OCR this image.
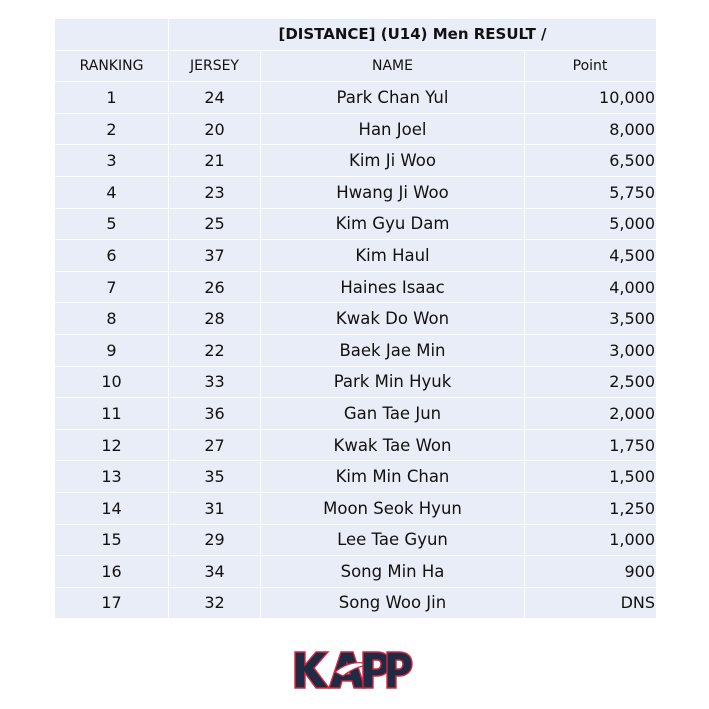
	[DISTANCE] (U14) Men RESULT /		
RANKING	JERSEY	NAME	Point
1	24	Park Chan Yul	10,000
2	20	Han Joel	8,000
3	21	Kim Ji Woo	6,500
4	23	Hwang Ji Woo	5,750
5	25	Kim Gyu Dam	5,000
6	37	Kim Haul	4,500
7	26	Haines Isaac	4,000
8	28	Kwak Do Won	3,500
9	22	Baek Jae Min	3,000
10	33	Park Min Hyuk	2,500
11	36	Gan Tae Jun	2,000
12	27	Kwak Tae Won	1,750
13	35	Kim Min Chan	1,500
14	31	Moon Seok Hyun	1,250
15	29	Lee Tae Gyun	1,000
16	34	Song Min Ha	900
17	32	Song Woo Jin	DNS
